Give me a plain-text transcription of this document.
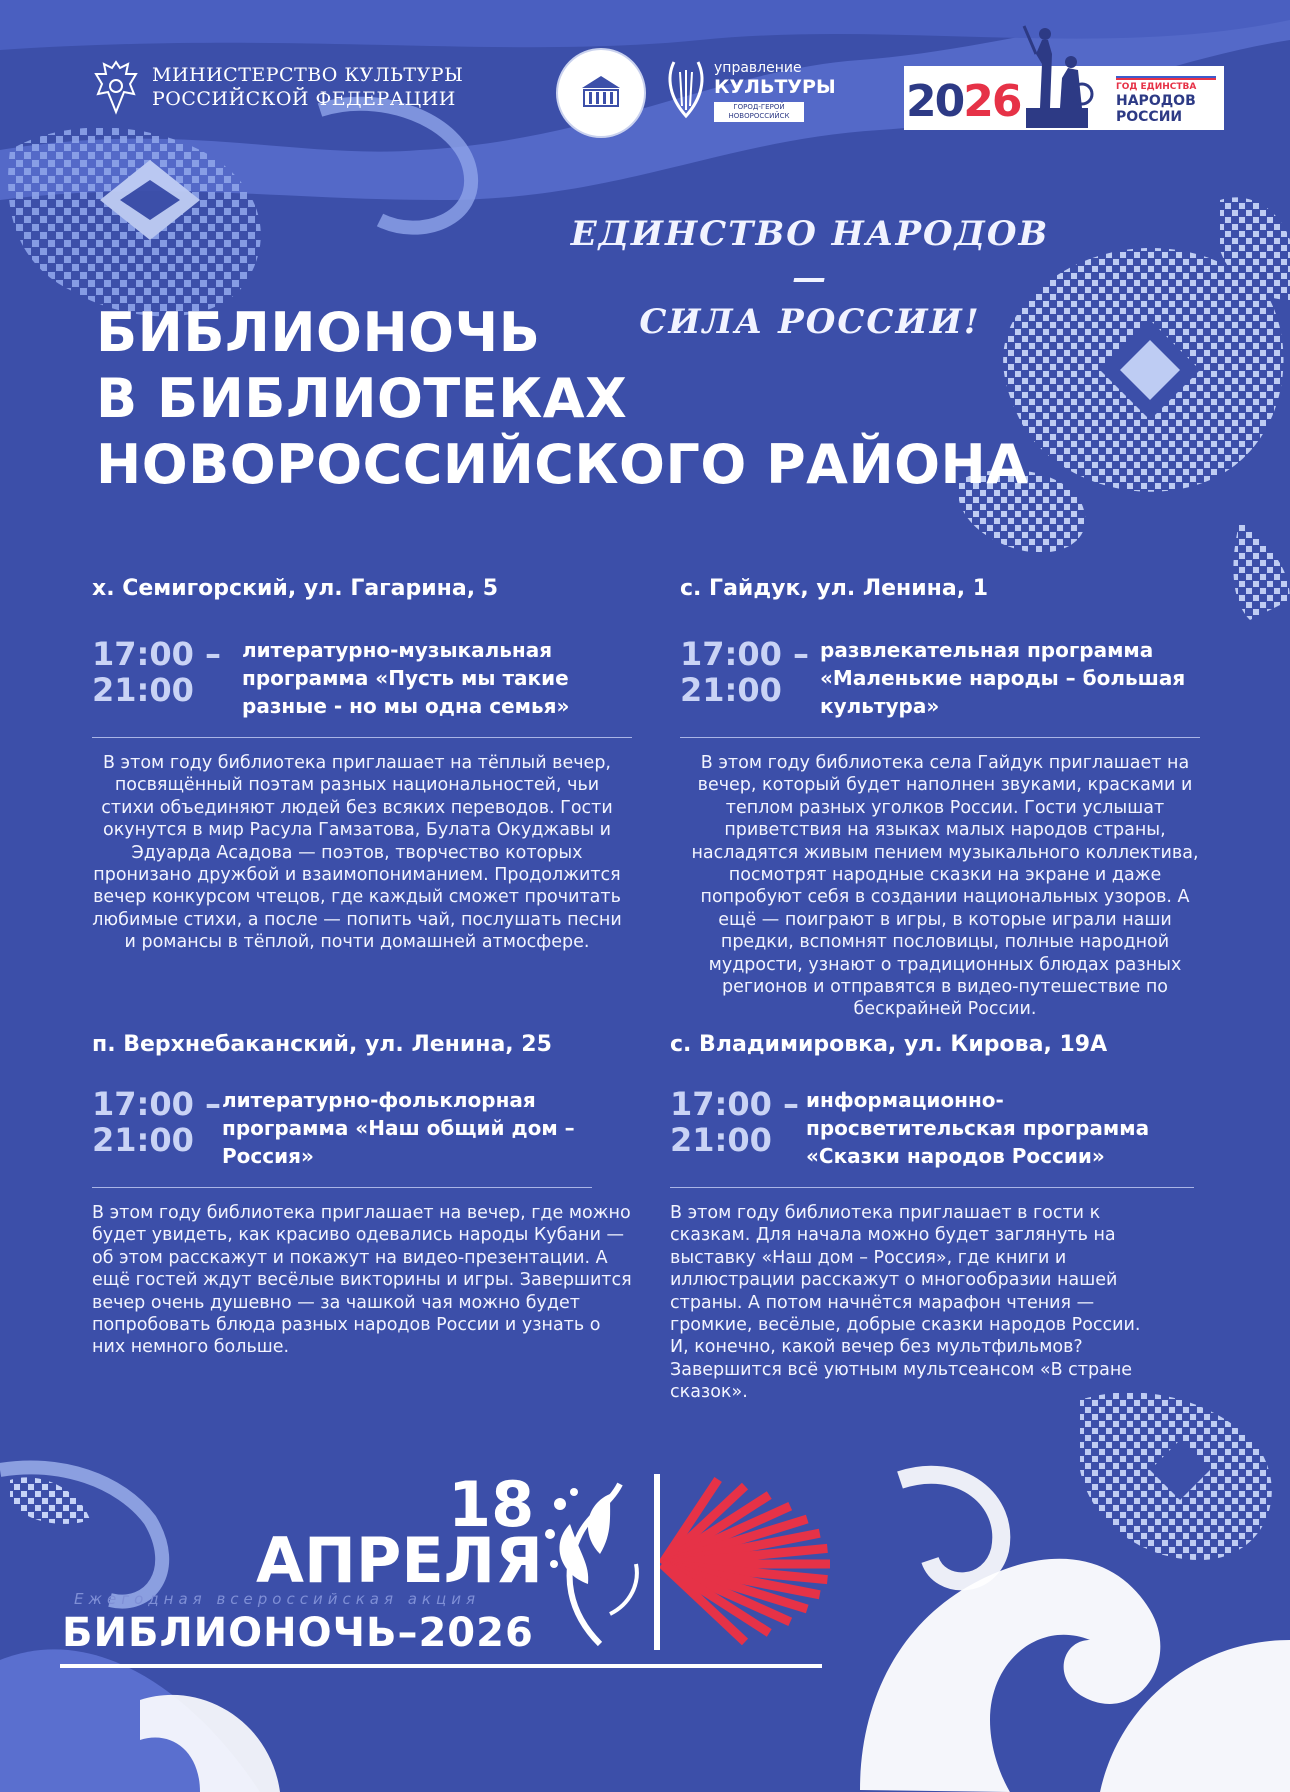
МИНИСТЕРСТВО КУЛЬТУРЫ
РОССИЙСКОЙ ФЕДЕРАЦИИ
управление
КУЛЬТУРЫ
ГОРОД-ГЕРОЙ НОВОРОССИЙСК	2026	ГОД ЕДИНСТВА
НАРОДОВ
РОССИИ
ЕДИНСТВО НАРОДОВ —
СИЛА РОССИИ!
БИБЛИОНОЧЬ
В БИБЛИОТЕКАХ
НОВОРОССИЙСКОГО РАЙОНА
х. Семигорский, ул. Гагарина, 5
17:00 –
21:00
литературно-музыкальная программа «Пусть мы такие разные - но мы одна семья»
В этом году библиотека приглашает на тёплый вечер, посвящённый поэтам разных национальностей, чьи стихи объединяют людей без всяких переводов. Гости окунутся в мир Расула Гамзатова, Булата Окуджавы и Эдуарда Асадова — поэтов, творчество которых пронизано дружбой и взаимопониманием. Продолжится вечер конкурсом чтецов, где каждый сможет прочитать любимые стихи, а после — попить чай, послушать песни и романсы в тёплой, почти домашней атмосфере.
с. Гайдук, ул. Ленина, 1
17:00 –
21:00
развлекательная программа «Маленькие народы – большая культура»
В этом году библиотека села Гайдук приглашает на вечер, который будет наполнен звуками, красками и теплом разных уголков России. Гости услышат приветствия на языках малых народов страны, насладятся живым пением музыкального коллектива, посмотрят народные сказки на экране и даже попробуют себя в создании национальных узоров. А ещё — поиграют в игры, в которые играли наши предки, вспомнят пословицы, полные народной мудрости, узнают о традиционных блюдах разных регионов и отправятся в видео-путешествие по бескрайней России.
п. Верхнебаканский, ул. Ленина, 25
17:00 –
21:00
литературно-фольклорная программа «Наш общий дом – Россия»
В этом году библиотека приглашает на вечер, где можно будет увидеть, как красиво одевались народы Кубани — об этом расскажут и покажут на видео-презентации. А ещё гостей ждут весёлые викторины и игры. Завершится вечер очень душевно — за чашкой чая можно будет попробовать блюда разных народов России и узнать о них немного больше.
с. Владимировка, ул. Кирова, 19А
17:00 –
21:00
информационно-просветительская программа «Сказки народов России»
В этом году библиотека приглашает в гости к сказкам. Для начала можно будет заглянуть на выставку «Наш дом – Россия», где книги и иллюстрации расскажут о многообразии нашей страны. А потом начнётся марафон чтения — громкие, весёлые, добрые сказки народов России. И, конечно, какой вечер без мультфильмов? Завершится всё уютным мультсеансом «В стране сказок».
18
АПРЕЛЯ
Ежегодная всероссийская акция
БИБЛИОНОЧЬ–2026
